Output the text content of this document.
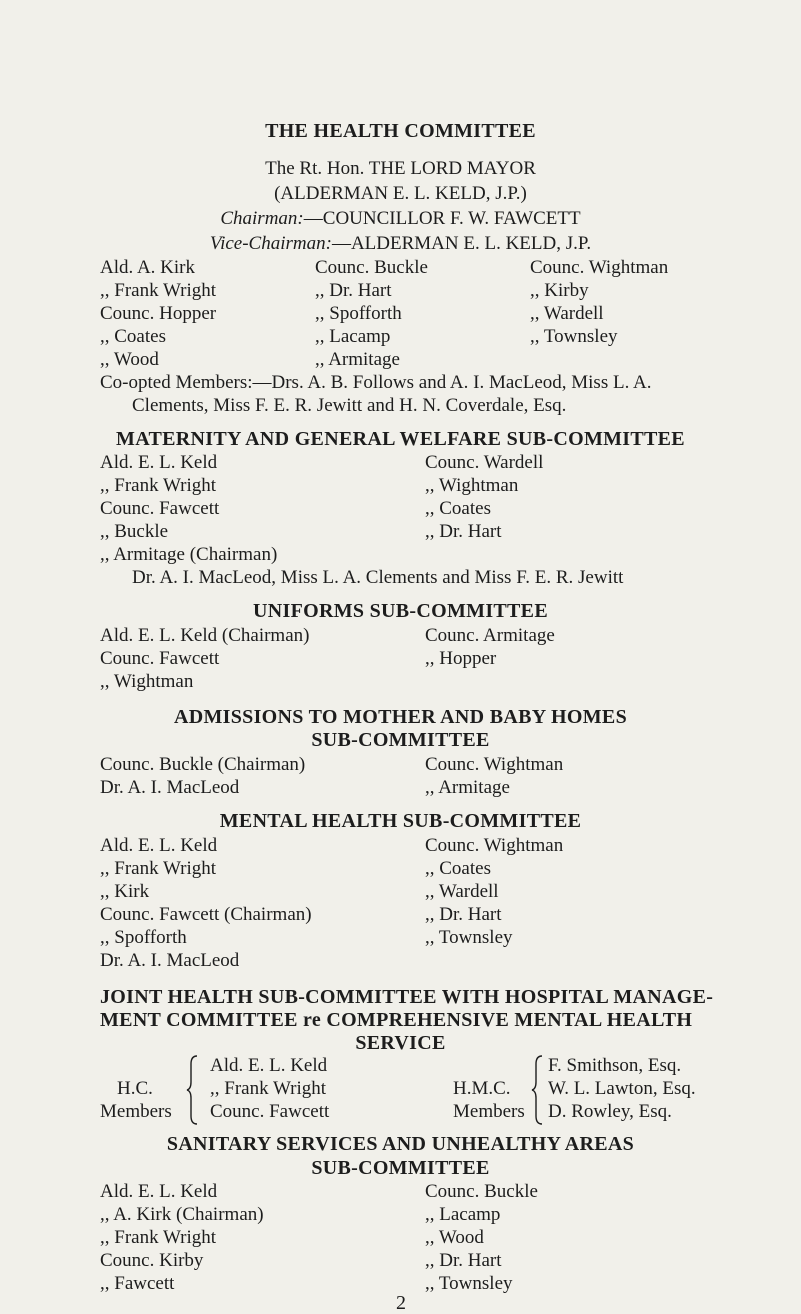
THE HEALTH COMMITTEE
The Rt. Hon. THE LORD MAYOR
(ALDERMAN E. L. KELD, J.P.)
Chairman:—COUNCILLOR F. W. FAWCETT
Vice-Chairman:—ALDERMAN E. L. KELD, J.P.
Ald. A. Kirk
,, Frank Wright
Counc. Hopper
,, Coates
,, Wood
Counc. Buckle
,, Dr. Hart
,, Spofforth
,, Lacamp
,, Armitage
Counc. Wightman
,, Kirby
,, Wardell
,, Townsley
Co-opted Members:—Drs. A. B. Follows and A. I. MacLeod, Miss L. A.
Clements, Miss F. E. R. Jewitt and H. N. Coverdale, Esq.
MATERNITY AND GENERAL WELFARE SUB-COMMITTEE
Ald. E. L. Keld
,, Frank Wright
Counc. Fawcett
,, Buckle
,, Armitage (Chairman)
Counc. Wardell
,, Wightman
,, Coates
,, Dr. Hart
Dr. A. I. MacLeod, Miss L. A. Clements and Miss F. E. R. Jewitt
UNIFORMS SUB-COMMITTEE
Ald. E. L. Keld (Chairman)
Counc. Fawcett
,, Wightman
Counc. Armitage
,, Hopper
ADMISSIONS TO MOTHER AND BABY HOMES
SUB-COMMITTEE
Counc. Buckle (Chairman)
Dr. A. I. MacLeod
Counc. Wightman
,, Armitage
MENTAL HEALTH SUB-COMMITTEE
Ald. E. L. Keld
,, Frank Wright
,, Kirk
Counc. Fawcett (Chairman)
,, Spofforth
Dr. A. I. MacLeod
Counc. Wightman
,, Coates
,, Wardell
,, Dr. Hart
,, Townsley
JOINT HEALTH SUB-COMMITTEE WITH HOSPITAL MANAGE-
MENT COMMITTEE re COMPREHENSIVE MENTAL HEALTH
SERVICE
H.C.
Members
Ald. E. L. Keld
,, Frank Wright
Counc. Fawcett
H.M.C.
Members
F. Smithson, Esq.
W. L. Lawton, Esq.
D. Rowley, Esq.
SANITARY SERVICES AND UNHEALTHY AREAS
SUB-COMMITTEE
Ald. E. L. Keld
,, A. Kirk (Chairman)
,, Frank Wright
Counc. Kirby
,, Fawcett
Counc. Buckle
,, Lacamp
,, Wood
,, Dr. Hart
,, Townsley
2
